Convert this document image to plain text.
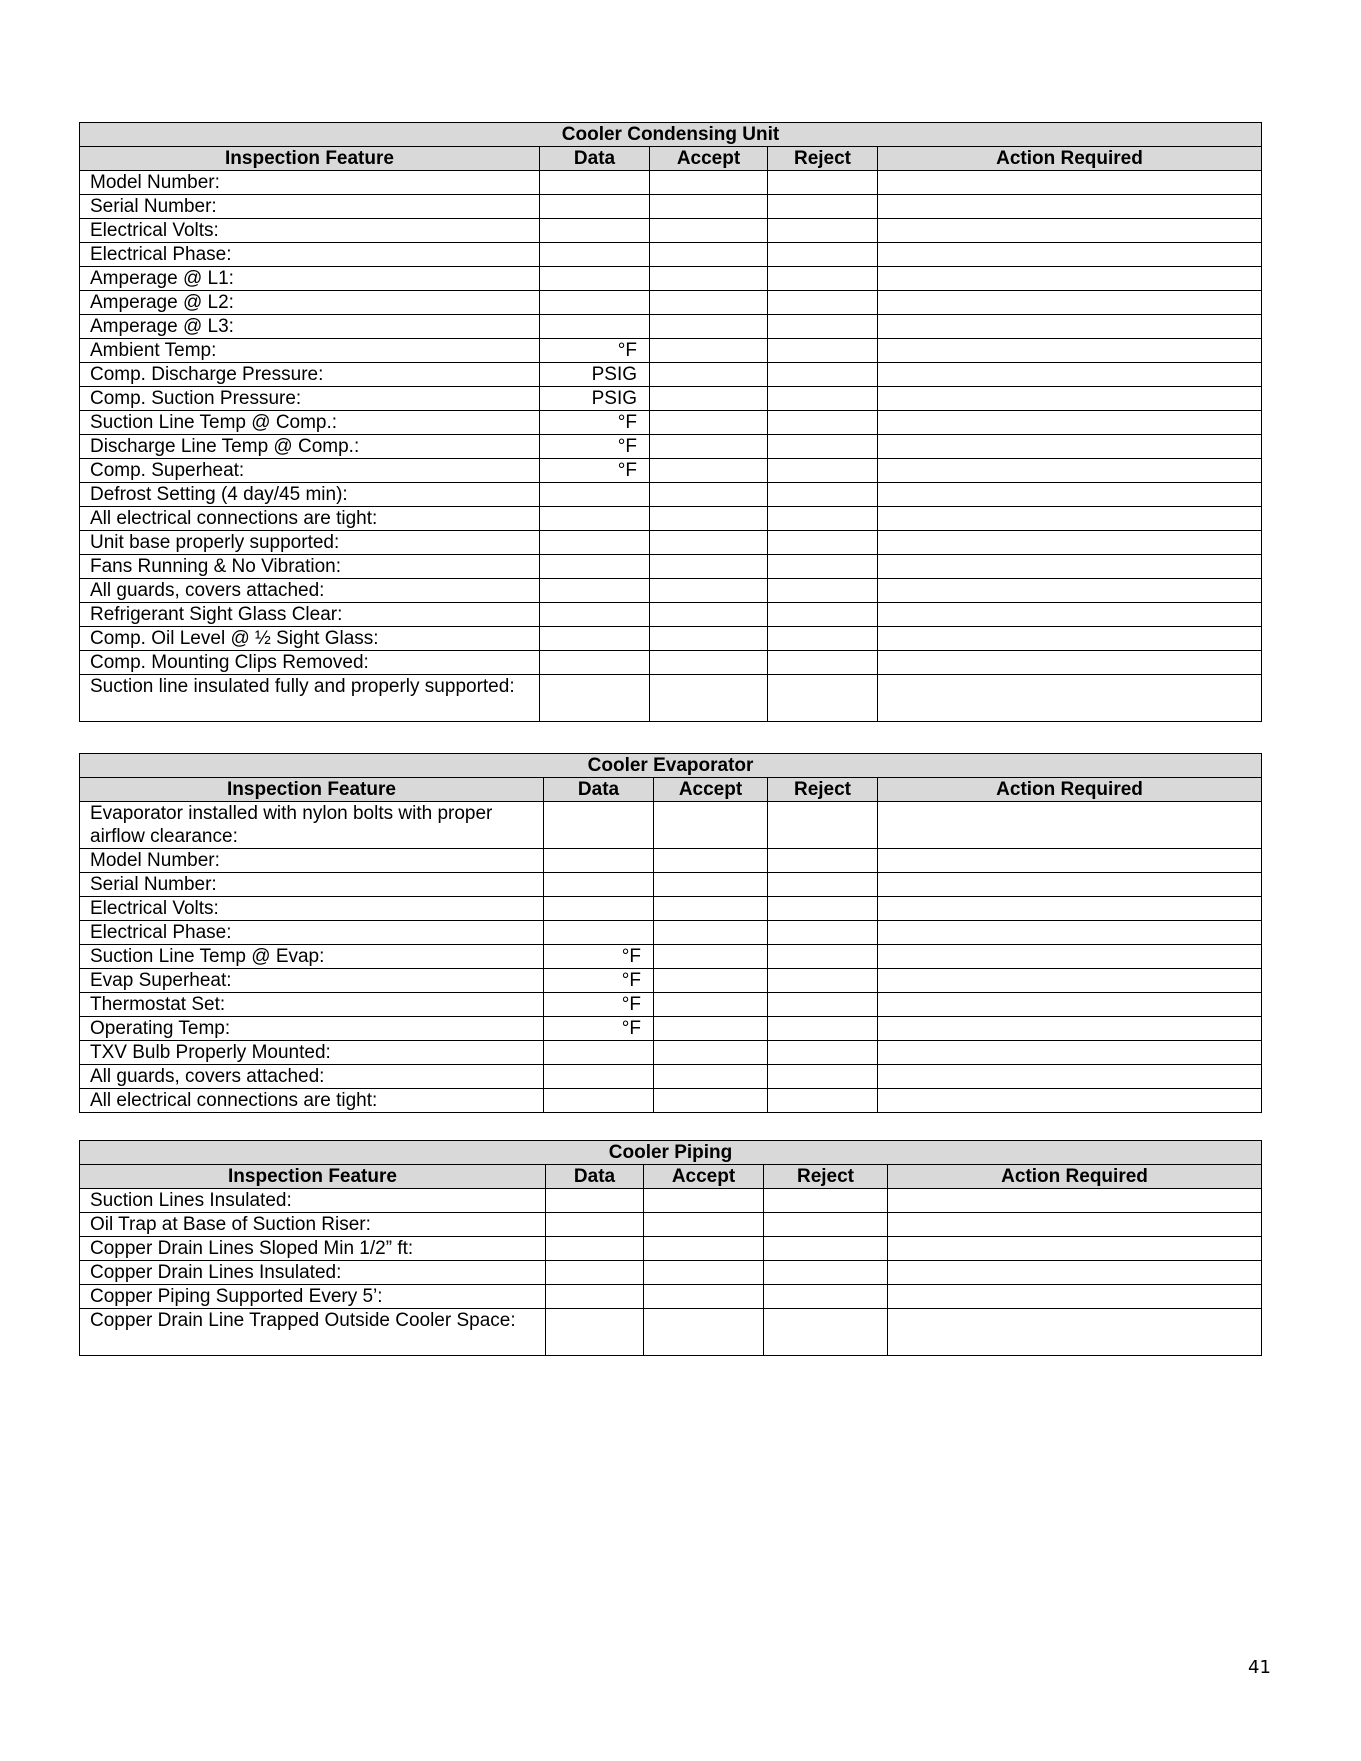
Cooler Condensing Unit				
Inspection Feature	Data	Accept	Reject	Action Required
Model Number:				
Serial Number:				
Electrical Volts:				
Electrical Phase:				
Amperage @ L1:				
Amperage @ L2:				
Amperage @ L3:				
Ambient Temp:	°F			
Comp. Discharge Pressure:	PSIG			
Comp. Suction Pressure:	PSIG			
Suction Line Temp @ Comp.:	°F			
Discharge Line Temp @ Comp.:	°F			
Comp. Superheat:	°F			
Defrost Setting (4 day/45 min):				
All electrical connections are tight:				
Unit base properly supported:				
Fans Running & No Vibration:				
All guards, covers attached:				
Refrigerant Sight Glass Clear:				
Comp. Oil Level @ ½ Sight Glass:				
Comp. Mounting Clips Removed:				
Suction line insulated fully and properly supported:				
Cooler Evaporator				
Inspection Feature	Data	Accept	Reject	Action Required
Evaporator installed with nylon bolts with proper airflow clearance:				
Model Number:				
Serial Number:				
Electrical Volts:				
Electrical Phase:				
Suction Line Temp @ Evap:	°F			
Evap Superheat:	°F			
Thermostat Set:	°F			
Operating Temp:	°F			
TXV Bulb Properly Mounted:				
All guards, covers attached:				
All electrical connections are tight:				
Cooler Piping				
Inspection Feature	Data	Accept	Reject	Action Required
Suction Lines Insulated:				
Oil Trap at Base of Suction Riser:				
Copper Drain Lines Sloped Min 1/2” ft:				
Copper Drain Lines Insulated:				
Copper Piping Supported Every 5’:				
Copper Drain Line Trapped Outside Cooler Space:				
41
